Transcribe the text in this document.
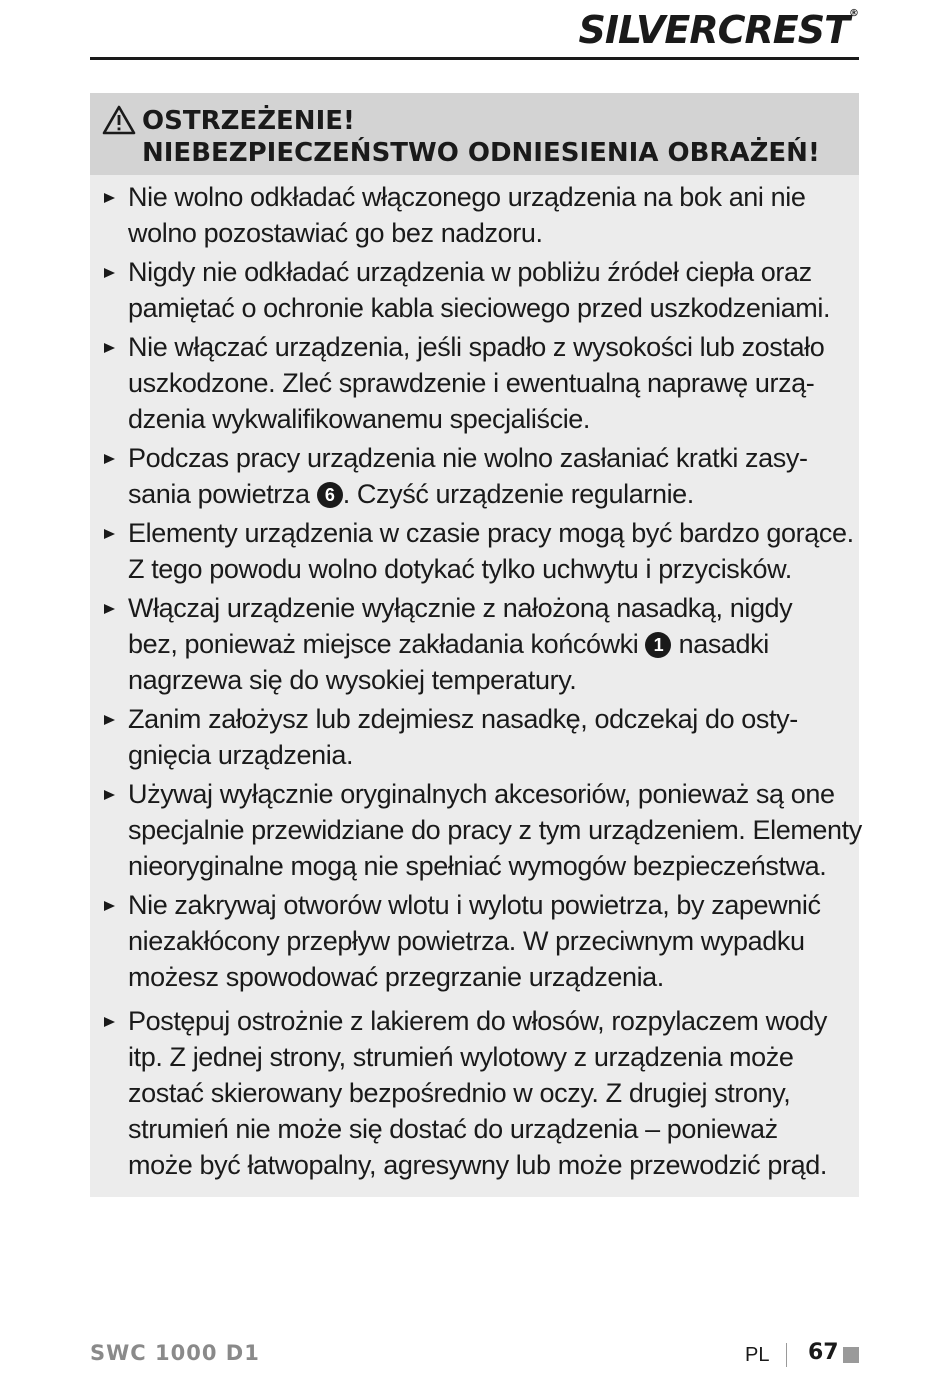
SILVERCREST®
OSTRZEŻENIE!
NIEBEZPIECZEŃSTWO ODNIESIENIA OBRAŻEŃ!
Nie wolno odkładać włączonego urządzenia na bok ani nie
wolno pozostawiać go bez nadzoru.
Nigdy nie odkładać urządzenia w pobliżu źródeł ciepła oraz
pamiętać o ochronie kabla sieciowego przed uszkodzeniami.
Nie włączać urządzenia, jeśli spadło z wysokości lub zostało
uszkodzone. Zleć sprawdzenie i ewentualną naprawę urzą-
dzenia wykwalifikowanemu specjaliście.
Podczas pracy urządzenia nie wolno zasłaniać kratki zasy-
sania powietrza 6 . Czyść urządzenie regularnie.
Elementy urządzenia w czasie pracy mogą być bardzo gorące.
Z tego powodu wolno dotykać tylko uchwytu i przycisków.
Włączaj urządzenie wyłącznie z nałożoną nasadką, nigdy
bez, ponieważ miejsce zakładania końcówki 1 nasadki
nagrzewa się do wysokiej temperatury.
Zanim założysz lub zdejmiesz nasadkę, odczekaj do osty-
gnięcia urządzenia.
Używaj wyłącznie oryginalnych akcesoriów, ponieważ są one
specjalnie przewidziane do pracy z tym urządzeniem. Elementy
nieoryginalne mogą nie spełniać wymogów bezpieczeństwa.
Nie zakrywaj otworów wlotu i wylotu powietrza, by zapewnić
niezakłócony przepływ powietrza. W przeciwnym wypadku
możesz spowodować przegrzanie urządzenia.
Postępuj ostrożnie z lakierem do włosów, rozpylaczem wody
itp. Z jednej strony, strumień wylotowy z urządzenia może
zostać skierowany bezpośrednio w oczy. Z drugiej strony,
strumień nie może się dostać do urządzenia – ponieważ
może być łatwopalny, agresywny lub może przewodzić prąd.
SWC 1000 D1	PL 67
